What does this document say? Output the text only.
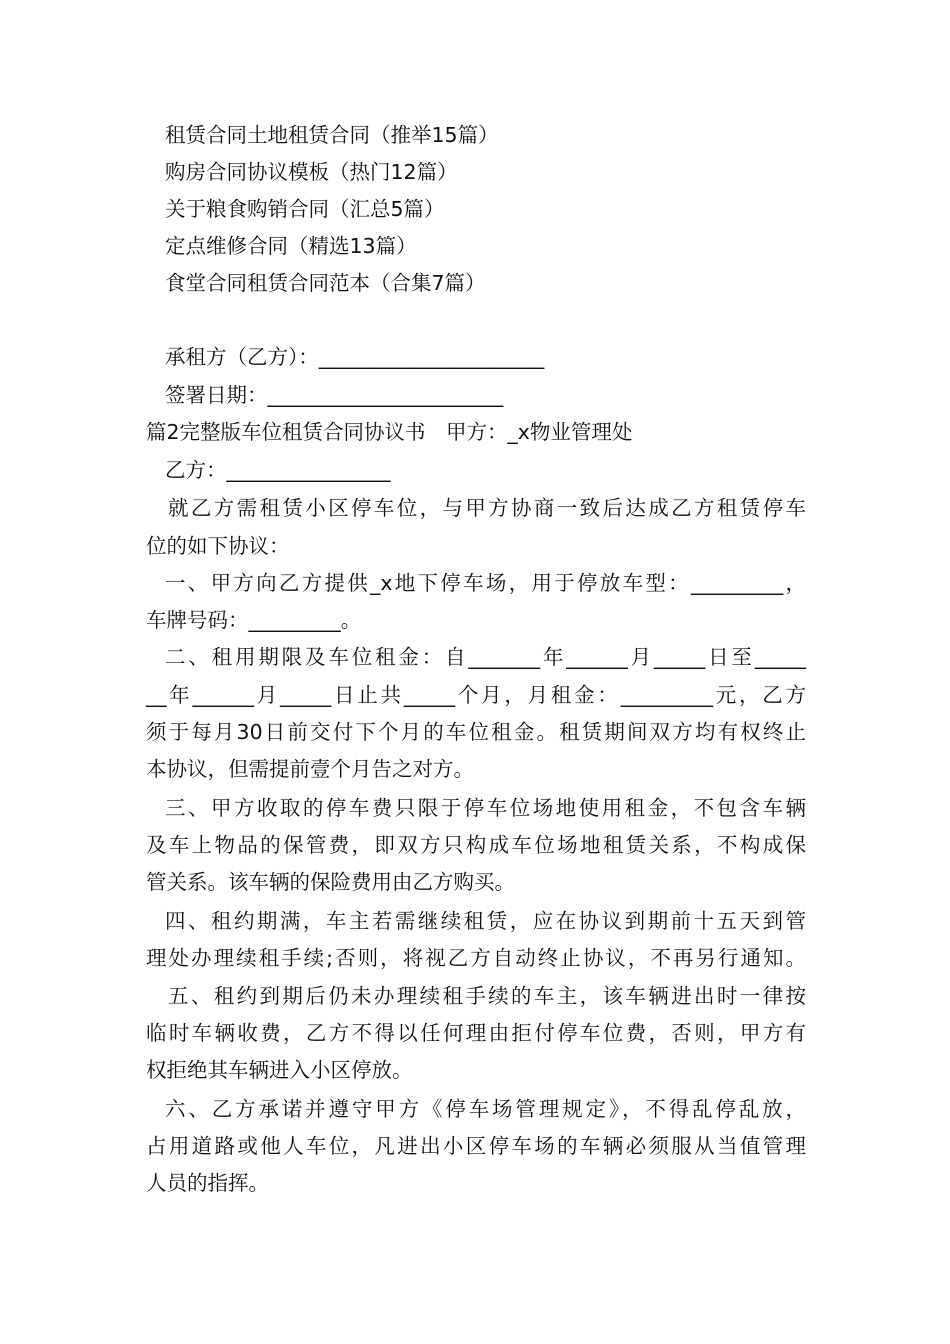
租赁合同土地租赁合同（推举15篇）
购房合同协议模板（热门12篇）
关于粮食购销合同（汇总5篇）
定点维修合同（精选13篇）
食堂合同租赁合同范本（合集7篇）
承租方（乙方）：______________________
签署日期：_______________________
篇2完整版车位租赁合同协议书　甲方：_x物业管理处
乙方：________________
就乙方需租赁小区停车位，与甲方协商一致后达成乙方租赁停车
位的如下协议：
一、甲方向乙方提供_x地下停车场，用于停放车型：_________，
车牌号码：_________。
二、租用期限及车位租金：自_______年______月_____日至_____
__年______月_____日止共_____个月，月租金：_________元，乙方
须于每月30日前交付下个月的车位租金。租赁期间双方均有权终止
本协议，但需提前壹个月告之对方。
三、甲方收取的停车费只限于停车位场地使用租金，不包含车辆
及车上物品的保管费，即双方只构成车位场地租赁关系，不构成保
管关系。该车辆的保险费用由乙方购买。
四、租约期满，车主若需继续租赁，应在协议到期前十五天到管
理处办理续租手续;否则，将视乙方自动终止协议，不再另行通知。
五、租约到期后仍未办理续租手续的车主，该车辆进出时一律按
临时车辆收费，乙方不得以任何理由拒付停车位费，否则，甲方有
权拒绝其车辆进入小区停放。
六、乙方承诺并遵守甲方《停车场管理规定》，不得乱停乱放，
占用道路或他人车位，凡进出小区停车场的车辆必须服从当值管理
人员的指挥。
